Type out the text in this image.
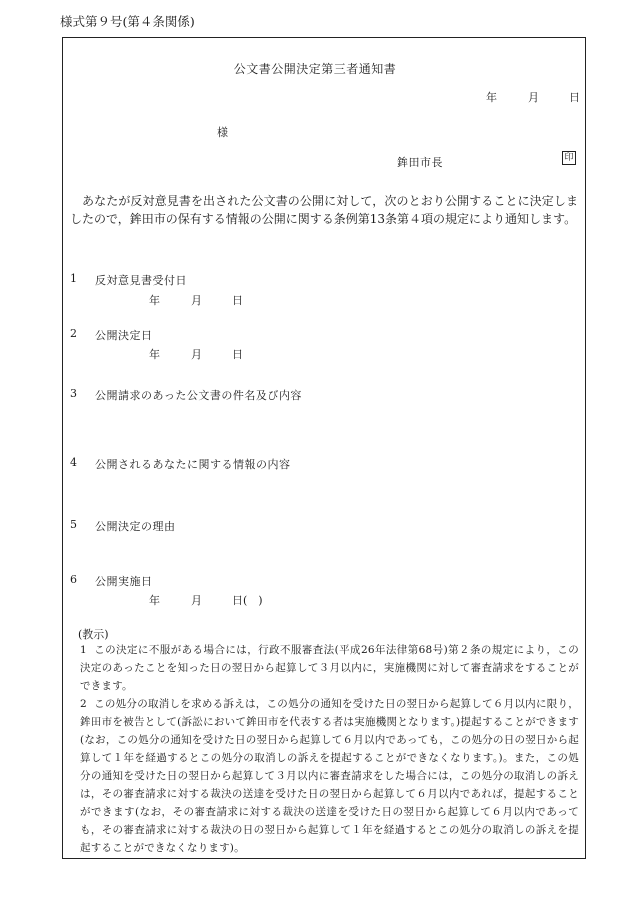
様式第９号(第４条関係)
公文書公開決定第三者通知書
年	月	日
様
鉾田市長	印
あなたが反対意見書を出された公文書の公開に対して，次のとおり公開することに決定しましたので，鉾田市の保有する情報の公開に関する条例第13条第４項の規定により通知します。
1 反対意見書受付日
年	月	日
2 公開決定日
年	月	日
3 公開請求のあった公文書の件名及び内容
4 公開されるあなたに関する情報の内容
5 公開決定の理由
6 公開実施日
年	月	日(　)
(教示)
1 この決定に不服がある場合には，行政不服審査法(平成26年法律第68号)第２条の規定により，この決定のあったことを知った日の翌日から起算して３月以内に，実施機関に対して審査請求をすることができます。
2 この処分の取消しを求める訴えは，この処分の通知を受けた日の翌日から起算して６月以内に限り，鉾田市を被告として(訴訟において鉾田市を代表する者は実施機関となります。)提起することができます(なお，この処分の通知を受けた日の翌日から起算して６月以内であっても，この処分の日の翌日から起算して１年を経過するとこの処分の取消しの訴えを提起することができなくなります。)。また，この処分の通知を受けた日の翌日から起算して３月以内に審査請求をした場合には，この処分の取消しの訴えは，その審査請求に対する裁決の送達を受けた日の翌日から起算して６月以内であれば，提起することができます(なお，その審査請求に対する裁決の送達を受けた日の翌日から起算して６月以内であっても，その審査請求に対する裁決の日の翌日から起算して１年を経過するとこの処分の取消しの訴えを提起することができなくなります)。
